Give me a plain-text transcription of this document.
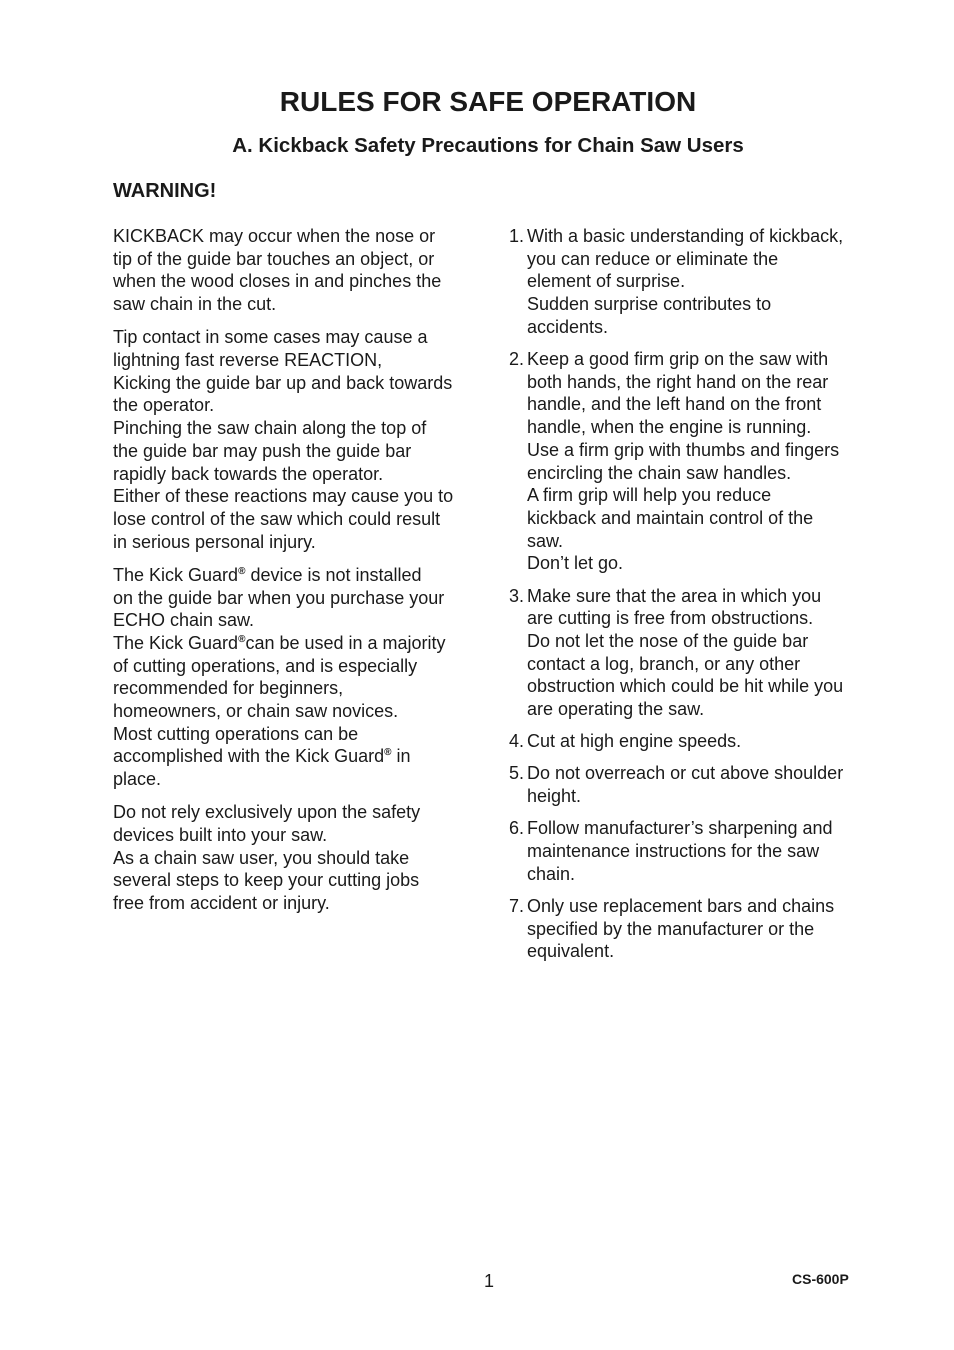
RULES FOR SAFE OPERATION
A. Kickback Safety Precautions for Chain Saw Users
WARNING!
KICKBACK may occur when the nose or
tip of the guide bar touches an object, or
when the wood closes in and pinches the
saw chain in the cut.
Tip contact in some cases may cause a
lightning fast reverse REACTION,
Kicking the guide bar up and back towards
the operator.
Pinching the saw chain along the top of
the guide bar may push the guide bar
rapidly back towards the operator.
Either of these reactions may cause you to
lose control of the saw which could result
in serious personal injury.
The Kick Guard® device is not installed
on the guide bar when you purchase your
ECHO chain saw.
The Kick Guard®can be used in a majority
of cutting operations, and is especially
recommended for beginners,
homeowners, or chain saw novices.
Most cutting operations can be
accomplished with the Kick Guard® in
place.
Do not rely exclusively upon the safety
devices built into your saw.
As a chain saw user, you should take
several steps to keep your cutting jobs
free from accident or injury.
1. With a basic understanding of kickback,
you can reduce or eliminate the
element of surprise.
Sudden surprise contributes to
accidents.
2. Keep a good firm grip on the saw with
both hands, the right hand on the rear
handle, and the left hand on the front
handle, when the engine is running.
Use a firm grip with thumbs and fingers
encircling the chain saw handles.
A firm grip will help you reduce
kickback and maintain control of the
saw.
Don’t let go.
3. Make sure that the area in which you
are cutting is free from obstructions.
Do not let the nose of the guide bar
contact a log, branch, or any other
obstruction which could be hit while you
are operating the saw.
4. Cut at high engine speeds.
5. Do not overreach or cut above shoulder
height.
6. Follow manufacturer’s sharpening and
maintenance instructions for the saw
chain.
7. Only use replacement bars and chains
specified by the manufacturer or the
equivalent.
1	CS-600P
